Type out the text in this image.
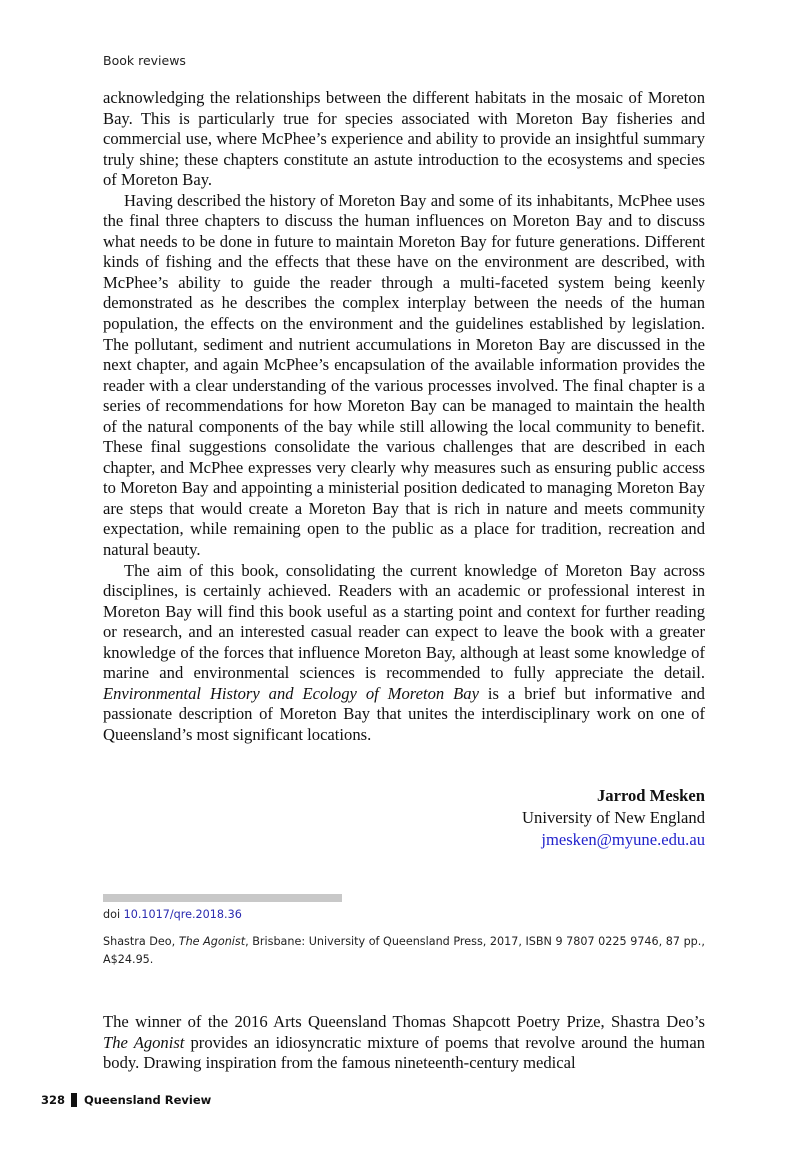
Book reviews

acknowledging the relationships between the different habitats in the mosaic of Moreton Bay. This is particularly true for species associated with Moreton Bay fisheries and commercial use, where McPhee’s experience and ability to provide an insightful summary truly shine; these chapters constitute an astute introduction to the ecosystems and species of Moreton Bay.

Having described the history of Moreton Bay and some of its inhabitants, McPhee uses the final three chapters to discuss the human influences on Moreton Bay and to discuss what needs to be done in future to maintain Moreton Bay for future generations. Different kinds of fishing and the effects that these have on the environment are described, with McPhee’s ability to guide the reader through a multi-faceted system being keenly demonstrated as he describes the complex interplay between the needs of the human population, the effects on the environment and the guidelines established by legislation. The pollutant, sediment and nutrient accumulations in Moreton Bay are discussed in the next chapter, and again McPhee’s encapsulation of the available information provides the reader with a clear understanding of the various processes involved. The final chapter is a series of recommendations for how Moreton Bay can be managed to maintain the health of the natural components of the bay while still allowing the local community to benefit. These final suggestions consolidate the various challenges that are described in each chapter, and McPhee expresses very clearly why measures such as ensuring public access to Moreton Bay and appointing a ministerial position dedicated to managing Moreton Bay are steps that would create a Moreton Bay that is rich in nature and meets community expectation, while remaining open to the public as a place for tradition, recreation and natural beauty.

The aim of this book, consolidating the current knowledge of Moreton Bay across disciplines, is certainly achieved. Readers with an academic or professional interest in Moreton Bay will find this book useful as a starting point and context for further reading or research, and an interested casual reader can expect to leave the book with a greater knowledge of the forces that influence Moreton Bay, although at least some knowledge of marine and environmental sciences is recommended to fully appreciate the detail. Environmental History and Ecology of Moreton Bay is a brief but informative and passionate description of Moreton Bay that unites the interdisciplinary work on one of Queensland’s most significant locations.

Jarrod Mesken
University of New England
jmesken@myune.edu.au
doi 10.1017/qre.2018.36
Shastra Deo, The Agonist, Brisbane: University of Queensland Press, 2017, ISBN 9 7807 0225 9746, 87 pp., A$24.95.

The winner of the 2016 Arts Queensland Thomas Shapcott Poetry Prize, Shastra Deo’s The Agonist provides an idiosyncratic mixture of poems that revolve around the human body. Drawing inspiration from the famous nineteenth-century medical

328 Queensland Review
